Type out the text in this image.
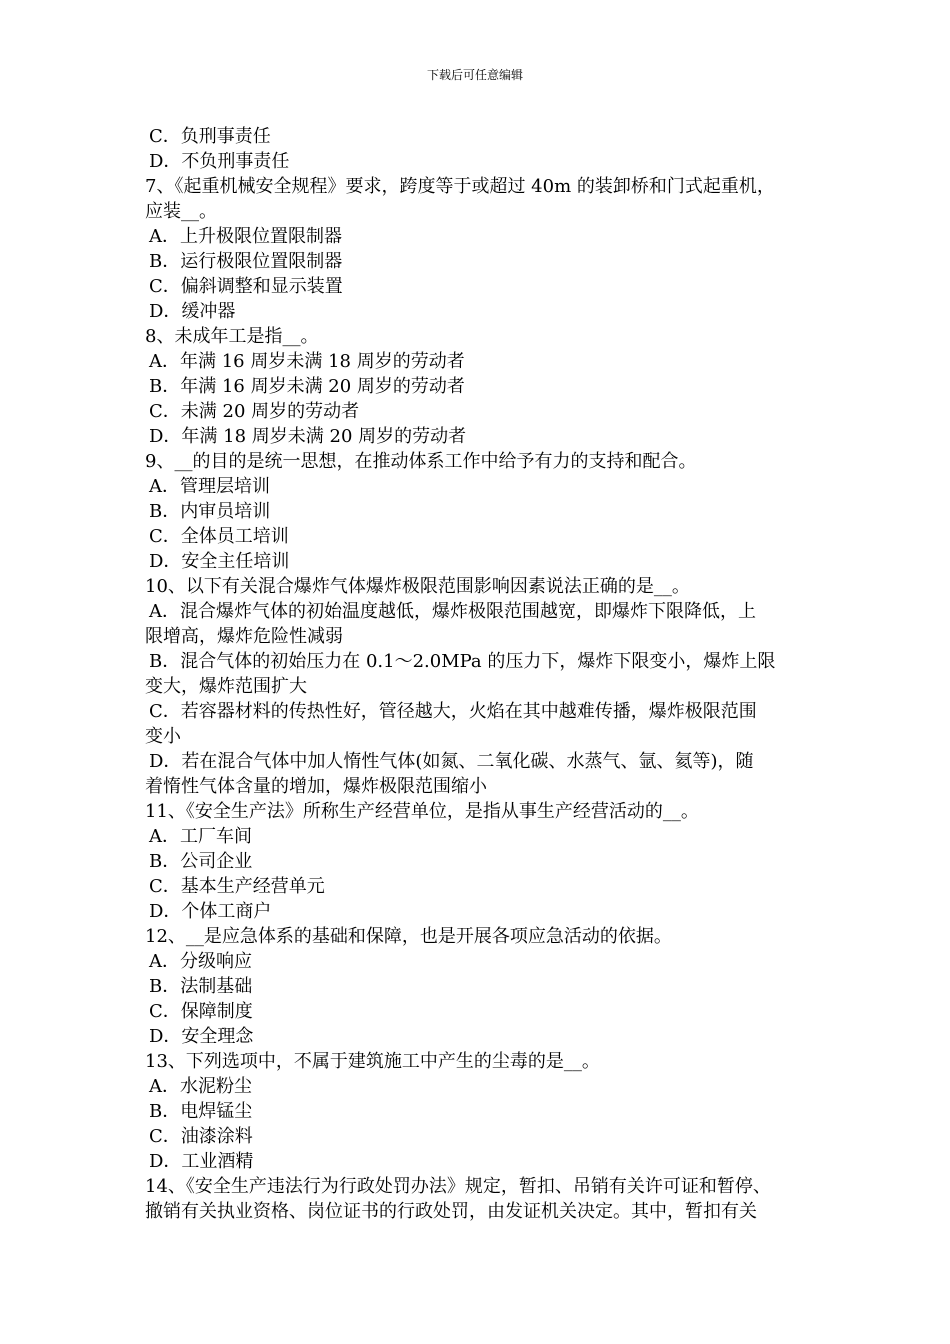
下载后可任意编辑
C．负刑事责任
D．不负刑事责任
7、《起重机械安全规程》要求，跨度等于或超过 40m 的装卸桥和门式起重机，
应装__。
A．上升极限位置限制器
B．运行极限位置限制器
C．偏斜调整和显示装置
D．缓冲器
8、未成年工是指__。
A．年满 16 周岁未满 18 周岁的劳动者
B．年满 16 周岁未满 20 周岁的劳动者
C．未满 20 周岁的劳动者
D．年满 18 周岁未满 20 周岁的劳动者
9、__的目的是统一思想，在推动体系工作中给予有力的支持和配合。
A．管理层培训
B．内审员培训
C．全体员工培训
D．安全主任培训
10、以下有关混合爆炸气体爆炸极限范围影响因素说法正确的是__。
A．混合爆炸气体的初始温度越低，爆炸极限范围越宽，即爆炸下限降低，上
限增高，爆炸危险性减弱
B．混合气体的初始压力在 0.1～2.0MPa 的压力下，爆炸下限变小，爆炸上限
变大，爆炸范围扩大
C．若容器材料的传热性好，管径越大，火焰在其中越难传播，爆炸极限范围
变小
D．若在混合气体中加人惰性气体(如氮、二氧化碳、水蒸气、氩、氦等)，随
着惰性气体含量的增加，爆炸极限范围缩小
11、《安全生产法》所称生产经营单位，是指从事生产经营活动的__。
A．工厂车间
B．公司企业
C．基本生产经营单元
D．个体工商户
12、__是应急体系的基础和保障，也是开展各项应急活动的依据。
A．分级响应
B．法制基础
C．保障制度
D．安全理念
13、下列选项中，不属于建筑施工中产生的尘毒的是__。
A．水泥粉尘
B．电焊锰尘
C．油漆涂料
D．工业酒精
14、《安全生产违法行为行政处罚办法》规定，暂扣、吊销有关许可证和暂停、
撤销有关执业资格、岗位证书的行政处罚，由发证机关决定。其中，暂扣有关
